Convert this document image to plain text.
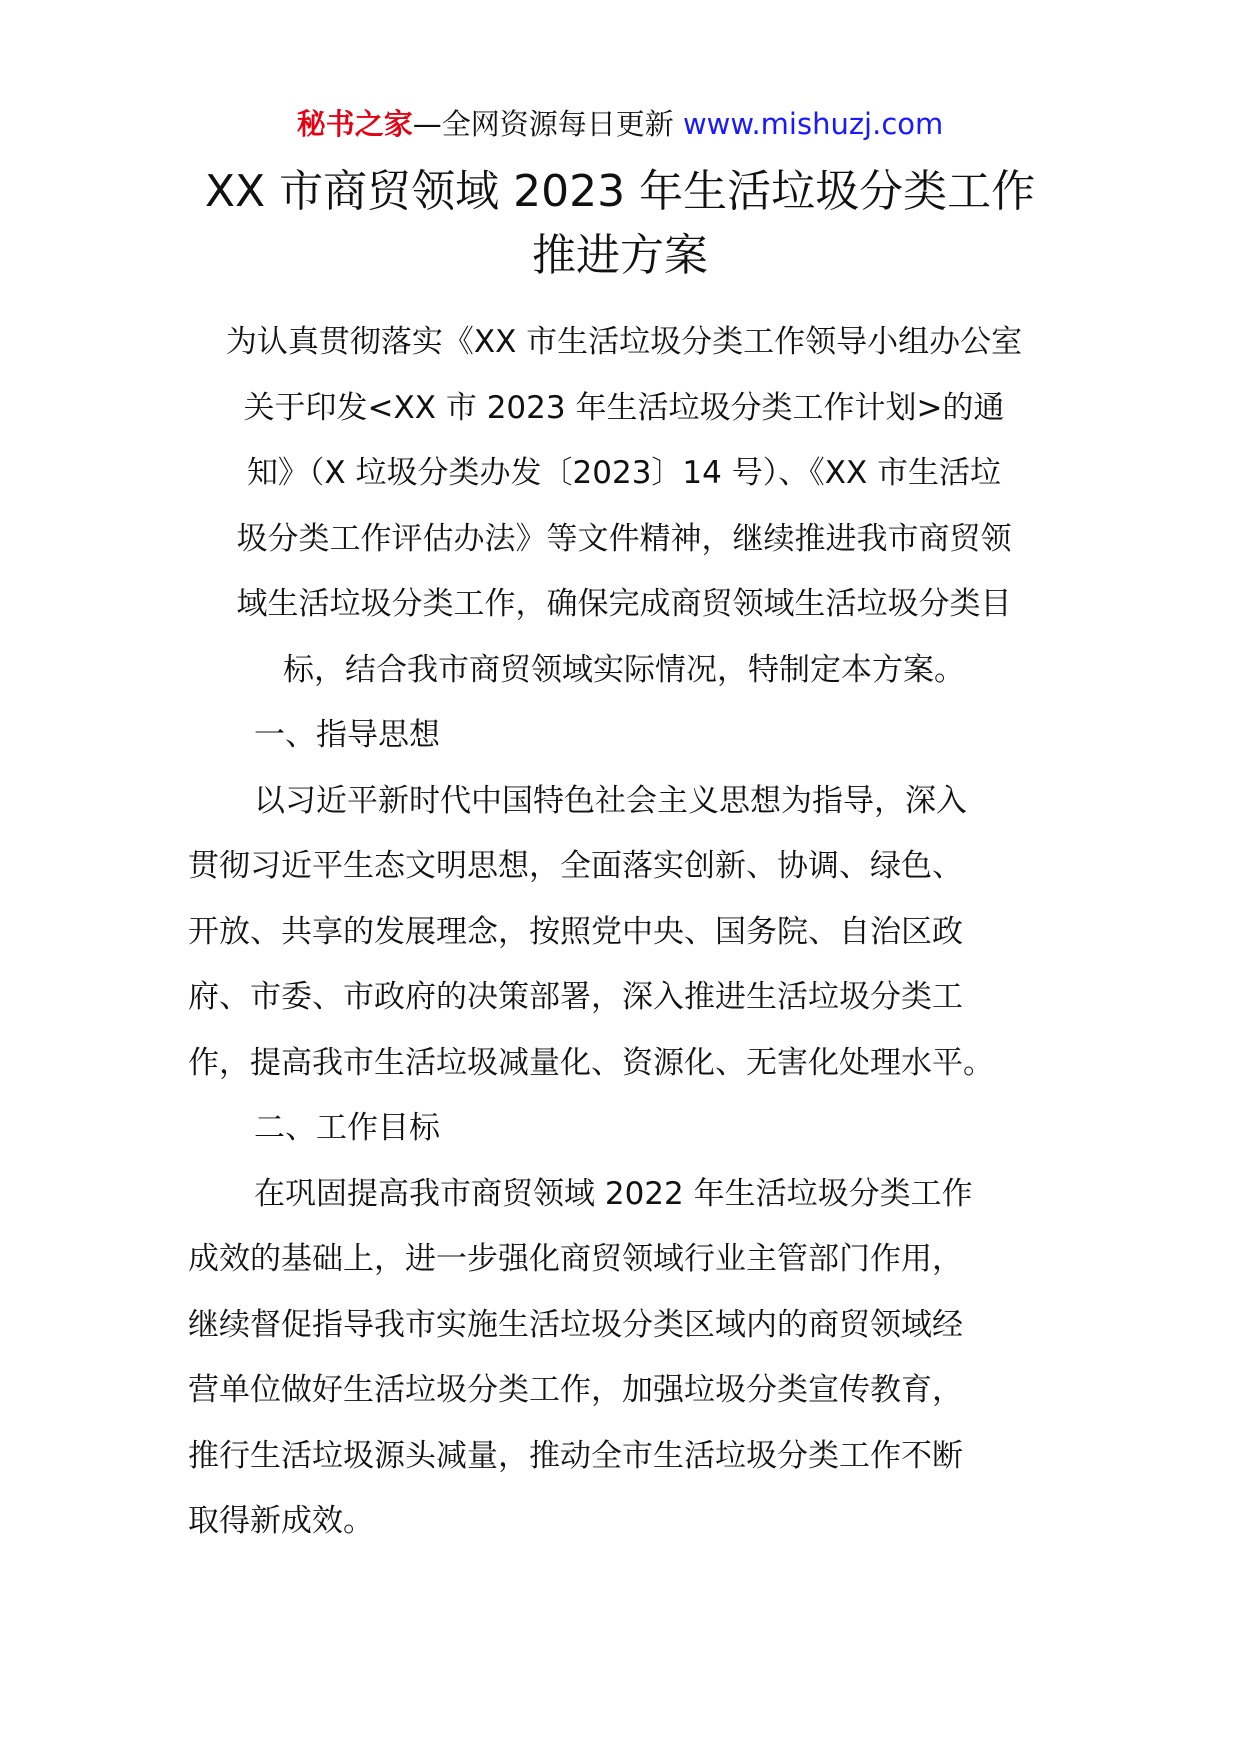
秘书之家—全网资源每日更新 www.mishuzj.com
XX 市商贸领域 2023 年生活垃圾分类工作
推进方案
为认真贯彻落实《XX 市生活垃圾分类工作领导小组办公室
关于印发<XX 市 2023 年生活垃圾分类工作计划>的通
知》（X 垃圾分类办发〔2023〕14 号）、《XX 市生活垃
圾分类工作评估办法》等文件精神，继续推进我市商贸领
域生活垃圾分类工作，确保完成商贸领域生活垃圾分类目
标，结合我市商贸领域实际情况，特制定本方案。
一、指导思想
以习近平新时代中国特色社会主义思想为指导，深入
贯彻习近平生态文明思想，全面落实创新、协调、绿色、
开放、共享的发展理念，按照党中央、国务院、自治区政
府、市委、市政府的决策部署，深入推进生活垃圾分类工
作，提高我市生活垃圾减量化、资源化、无害化处理水平。
二、工作目标
在巩固提高我市商贸领域 2022 年生活垃圾分类工作
成效的基础上，进一步强化商贸领域行业主管部门作用，
继续督促指导我市实施生活垃圾分类区域内的商贸领域经
营单位做好生活垃圾分类工作，加强垃圾分类宣传教育，
推行生活垃圾源头减量，推动全市生活垃圾分类工作不断
取得新成效。
